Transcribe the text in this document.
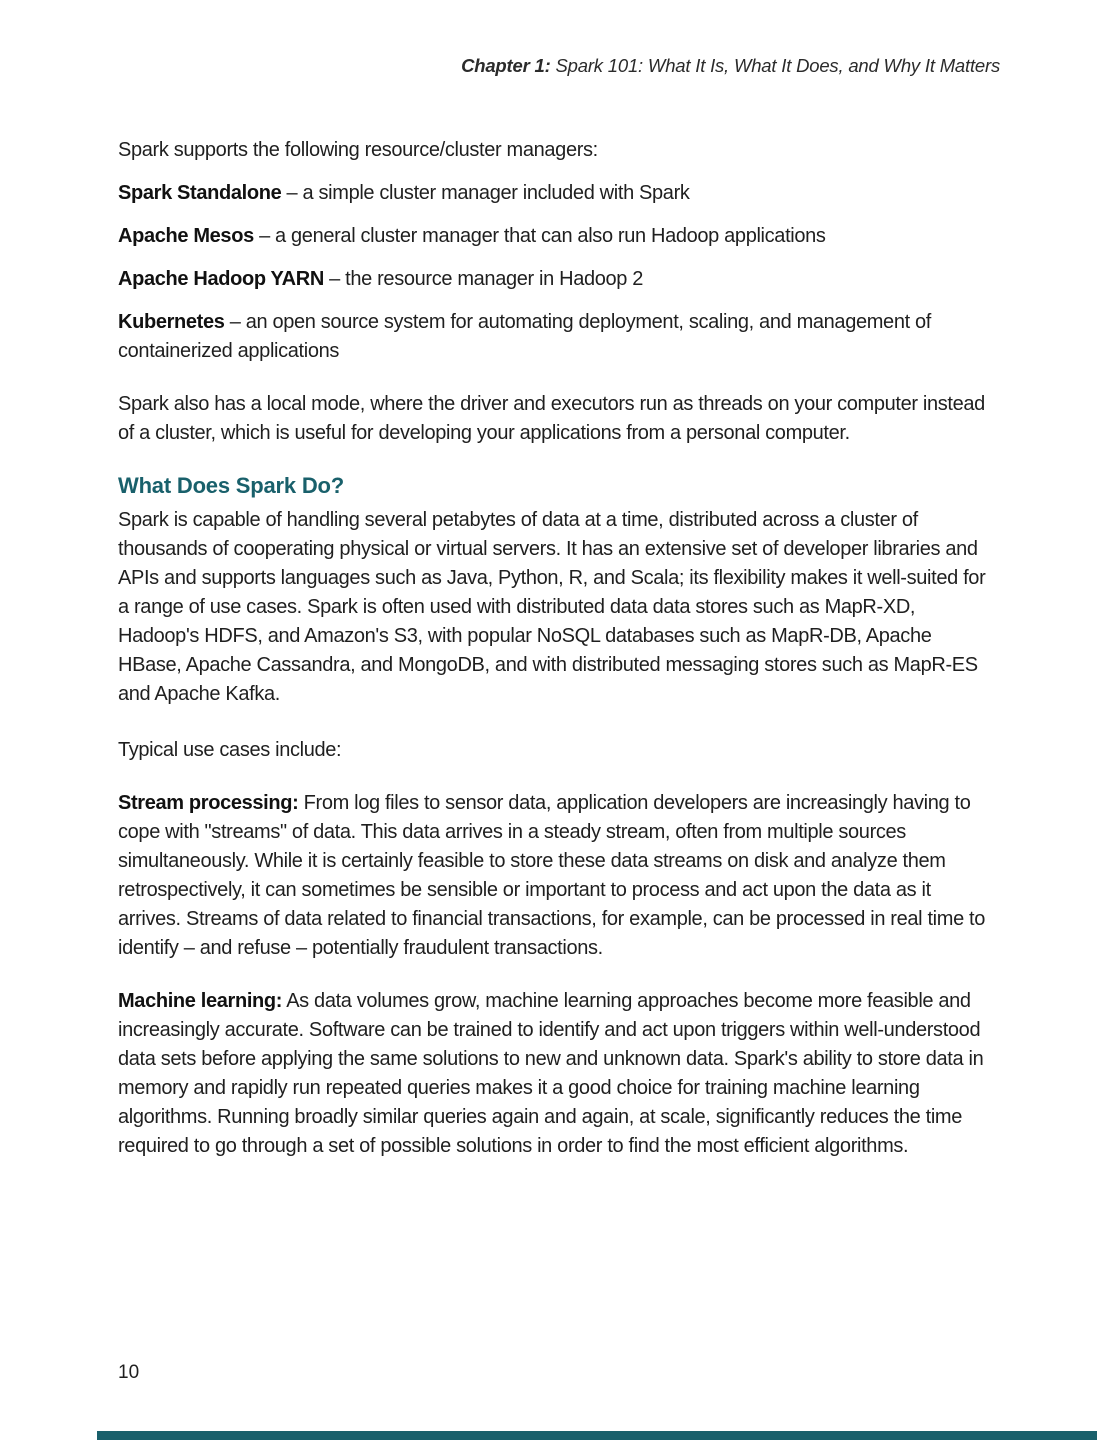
Chapter 1: Spark 101: What It Is, What It Does, and Why It Matters

Spark supports the following resource/cluster managers:

Spark Standalone – a simple cluster manager included with Spark

Apache Mesos – a general cluster manager that can also run Hadoop applications

Apache Hadoop YARN – the resource manager in Hadoop 2

Kubernetes – an open source system for automating deployment, scaling, and management of containerized applications

Spark also has a local mode, where the driver and executors run as threads on your computer instead of a cluster, which is useful for developing your applications from a personal computer.

What Does Spark Do?

Spark is capable of handling several petabytes of data at a time, distributed across a cluster of thousands of cooperating physical or virtual servers. It has an extensive set of developer libraries and APIs and supports languages such as Java, Python, R, and Scala; its flexibility makes it well-suited for a range of use cases. Spark is often used with distributed data data stores such as MapR-XD, Hadoop's HDFS, and Amazon's S3, with popular NoSQL databases such as MapR-DB, Apache HBase, Apache Cassandra, and MongoDB, and with distributed messaging stores such as MapR-ES and Apache Kafka.

Typical use cases include:

Stream processing: From log files to sensor data, application developers are increasingly having to cope with "streams" of data. This data arrives in a steady stream, often from multiple sources simultaneously. While it is certainly feasible to store these data streams on disk and analyze them retrospectively, it can sometimes be sensible or important to process and act upon the data as it arrives. Streams of data related to financial transactions, for example, can be processed in real time to identify – and refuse – potentially fraudulent transactions.

Machine learning: As data volumes grow, machine learning approaches become more feasible and increasingly accurate. Software can be trained to identify and act upon triggers within well-understood data sets before applying the same solutions to new and unknown data. Spark's ability to store data in memory and rapidly run repeated queries makes it a good choice for training machine learning algorithms. Running broadly similar queries again and again, at scale, significantly reduces the time required to go through a set of possible solutions in order to find the most efficient algorithms.

10
